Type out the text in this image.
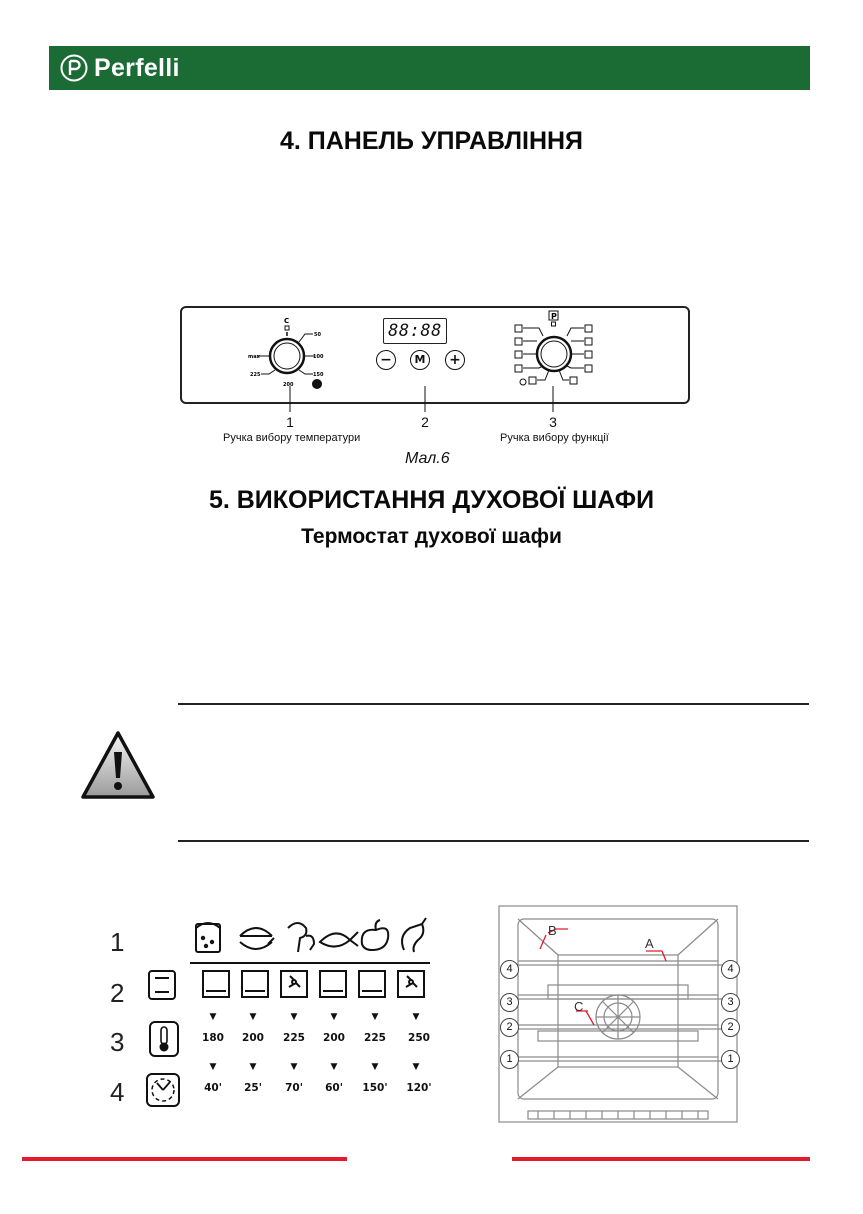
Perfelli
4. ПАНЕЛЬ УПРАВЛІННЯ
C
50
100
150
max
225
200
88:88
−	M	+
P
1	2	3
Ручка вибору температури	Ручка вибору функції
Мал.6
5. ВИКОРИСТАННЯ ДУХОВОЇ ШАФИ
Термостат духової шафи
1
2
3
4
▼	▼	▼	▼	▼	▼
180	200	225	200	225	250
▼	▼	▼	▼	▼	▼
40'	25'	70'	60'	150'	120'
B
A
C
4
3
2
1
4
3
2
1
